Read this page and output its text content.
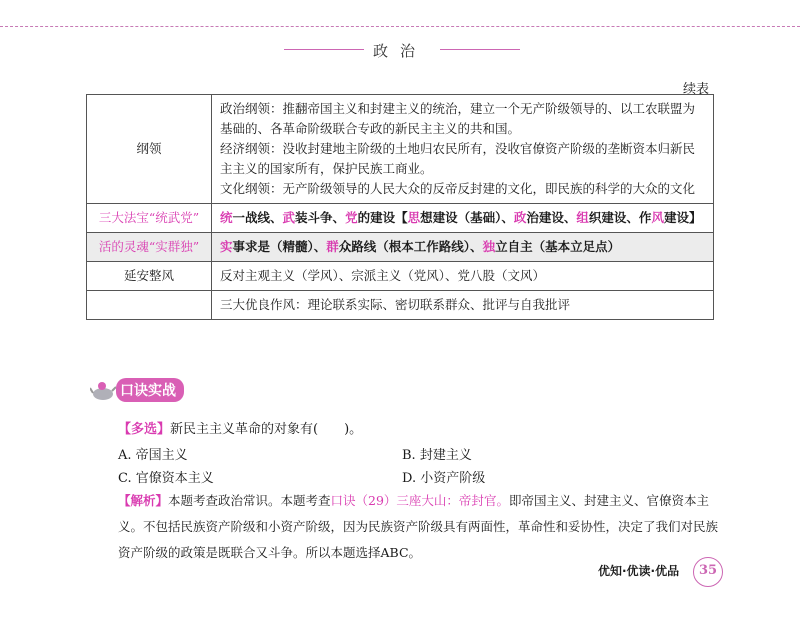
政治
续表
纲领	政治纲领：推翻帝国主义和封建主义的统治，建立一个无产阶级领导的、以工农联盟为基础的、各革命阶级联合专政的新民主主义的共和国。
经济纲领：没收封建地主阶级的土地归农民所有，没收官僚资产阶级的垄断资本归新民主主义的国家所有，保护民族工商业。
文化纲领：无产阶级领导的人民大众的反帝反封建的文化，即民族的科学的大众的文化

三大法宝“统武党”	统一战线、武装斗争、党的建设【思想建设（基础）、政治建设、组织建设、作风建设】
活的灵魂“实群独”	实事求是（精髓）、群众路线（根本工作路线）、独立自主（基本立足点）
延安整风	反对主观主义（学风）、宗派主义（党风）、党八股（文风）
	三大优良作风：理论联系实际、密切联系群众、批评与自我批评
口诀实战
【多选】新民主主义革命的对象有(　　)。
A. 帝国主义	B. 封建主义
C. 官僚资本主义	D. 小资产阶级
【解析】本题考查政治常识。本题考查口诀（29）三座大山：帝封官。即帝国主义、封建主义、官僚资本主义。不包括民族资产阶级和小资产阶级，因为民族资产阶级具有两面性，革命性和妥协性，决定了我们对民族资产阶级的政策是既联合又斗争。所以本题选择ABC。
优知·优读·优品	35
